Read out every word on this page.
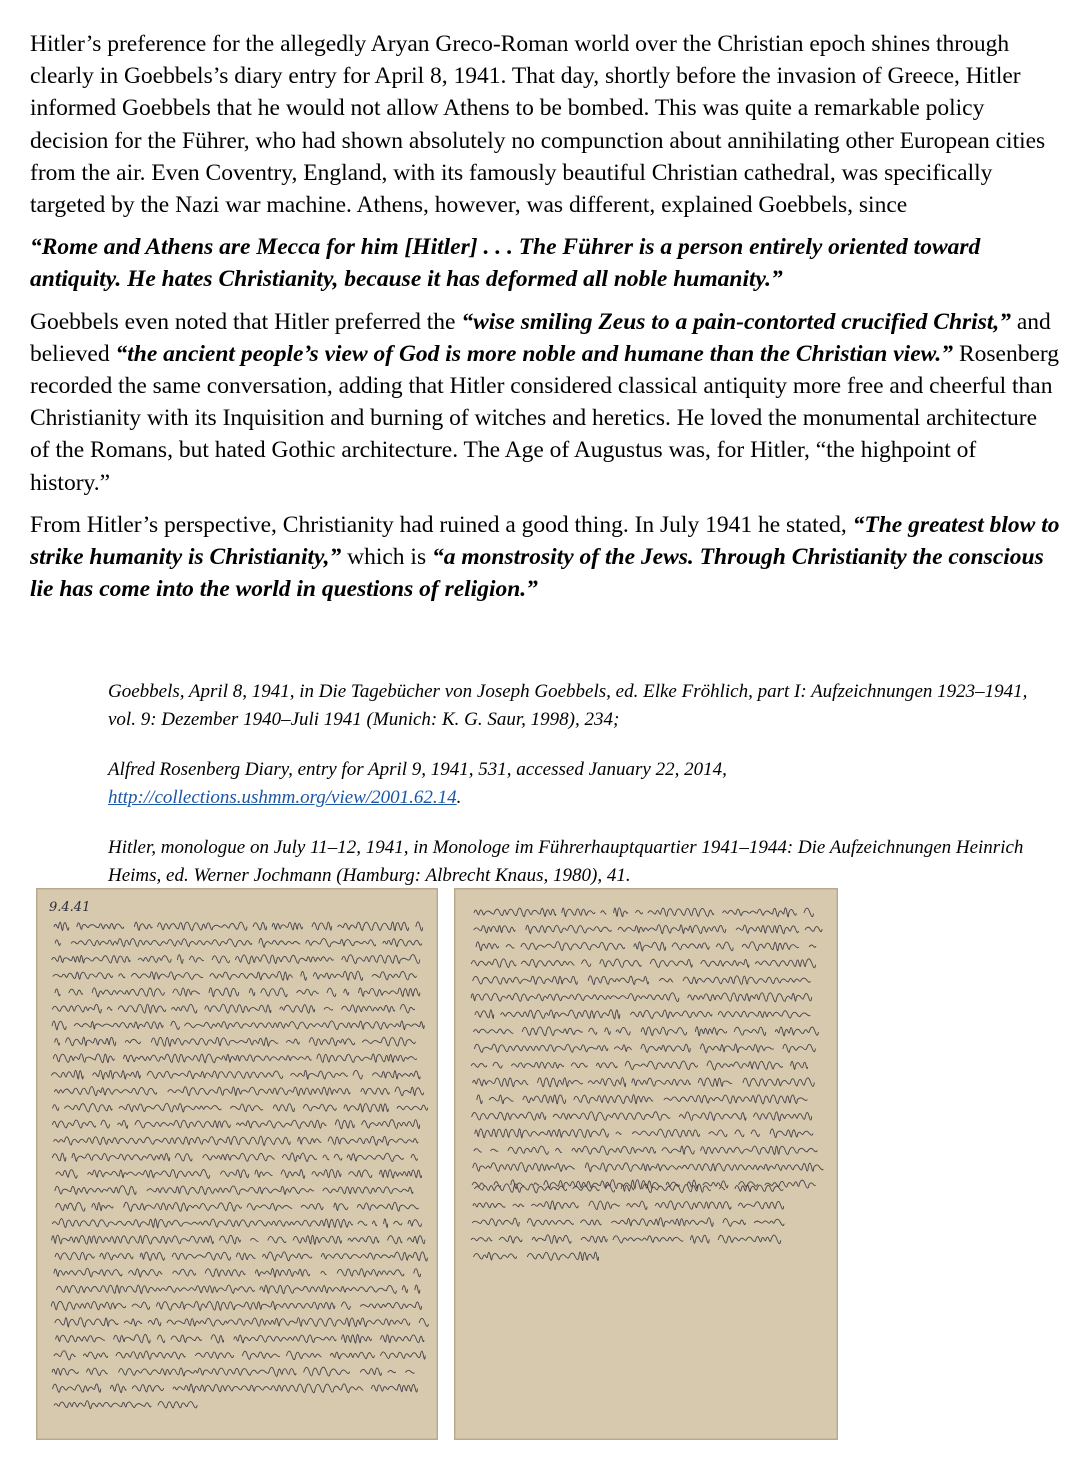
Hitler’s preference for the allegedly Aryan Greco-Roman world over the Christian epoch shines through clearly in Goebbels’s diary entry for April 8, 1941. That day, shortly before the invasion of Greece, Hitler informed Goebbels that he would not allow Athens to be bombed. This was quite a remarkable policy decision for the Führer, who had shown absolutely no compunction about annihilating other European cities from the air. Even Coventry, England, with its famously beautiful Christian cathedral, was specifically targeted by the Nazi war machine. Athens, however, was different, explained Goebbels, since

“Rome and Athens are Mecca for him [Hitler] . . . The Führer is a person entirely oriented toward antiquity. He hates Christianity, because it has deformed all noble humanity.”

Goebbels even noted that Hitler preferred the “wise smiling Zeus to a pain-contorted crucified Christ,” and believed “the ancient people’s view of God is more noble and humane than the Christian view.” Rosenberg recorded the same conversation, adding that Hitler considered classical antiquity more free and cheerful than Christianity with its Inquisition and burning of witches and heretics. He loved the monumental architecture of the Romans, but hated Gothic architecture. The Age of Augustus was, for Hitler, “the highpoint of history.”

From Hitler’s perspective, Christianity had ruined a good thing. In July 1941 he stated, “The greatest blow to strike humanity is Christianity,” which is “a monstrosity of the Jews. Through Christianity the conscious lie has come into the world in questions of religion.”

Goebbels, April 8, 1941, in Die Tagebücher von Joseph Goebbels, ed. Elke Fröhlich, part I: Aufzeichnungen 1923–1941, vol. 9: Dezember 1940–Juli 1941 (Munich: K. G. Saur, 1998), 234;

Alfred Rosenberg Diary, entry for April 9, 1941, 531, accessed January 22, 2014, http://collections.ushmm.org/view/2001.62.14.

Hitler, monologue on July 11–12, 1941, in Monologe im Führerhauptquartier 1941–1944: Die Aufzeichnungen Heinrich Heims, ed. Werner Jochmann (Hamburg: Albrecht Knaus, 1980), 41.

9.4.41
